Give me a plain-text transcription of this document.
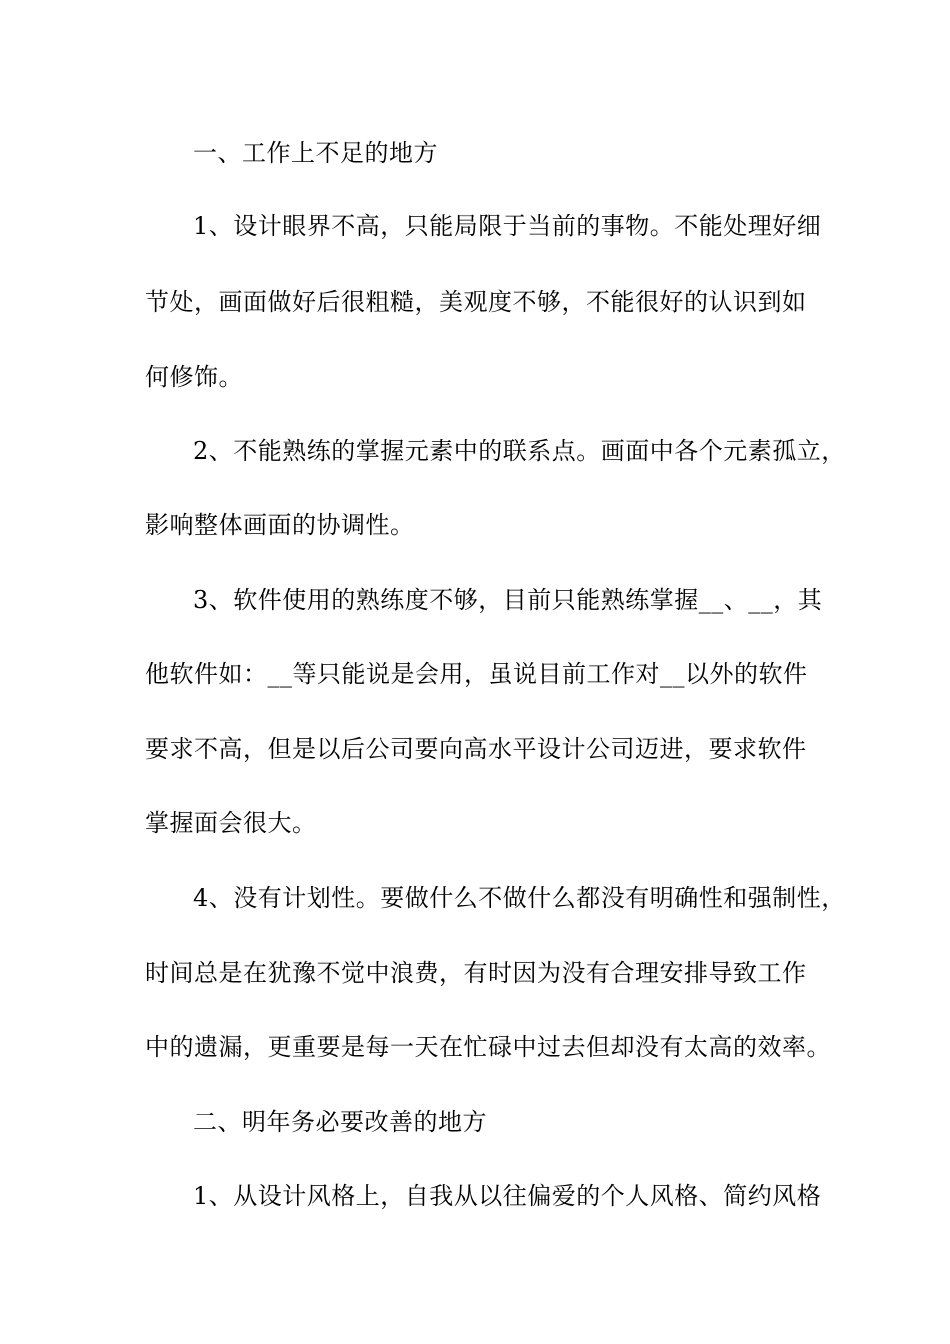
一、工作上不足的地方
1、设计眼界不高，只能局限于当前的事物。不能处理好细
节处，画面做好后很粗糙，美观度不够，不能很好的认识到如
何修饰。
2、不能熟练的掌握元素中的联系点。画面中各个元素孤立，
影响整体画面的协调性。
3、软件使用的熟练度不够，目前只能熟练掌握__、__，其
他软件如：__等只能说是会用，虽说目前工作对__以外的软件
要求不高，但是以后公司要向高水平设计公司迈进，要求软件
掌握面会很大。
4、没有计划性。要做什么不做什么都没有明确性和强制性，
时间总是在犹豫不觉中浪费，有时因为没有合理安排导致工作
中的遗漏，更重要是每一天在忙碌中过去但却没有太高的效率。
二、明年务必要改善的地方
1、从设计风格上，自我从以往偏爱的个人风格、简约风格
